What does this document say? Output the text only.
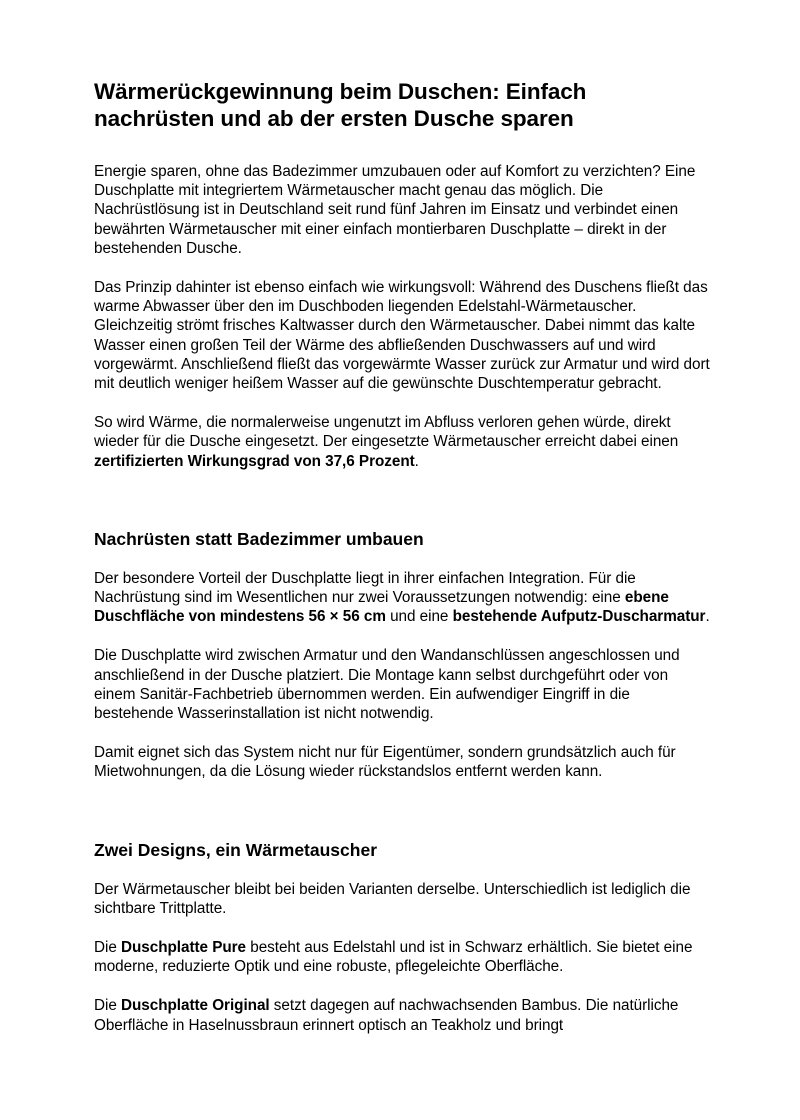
Wärmerückgewinnung beim Duschen: Einfach nachrüsten und ab der ersten Dusche sparen

Energie sparen, ohne das Badezimmer umzubauen oder auf Komfort zu verzichten? Eine Duschplatte mit integriertem Wärmetauscher macht genau das möglich. Die Nachrüstlösung ist in Deutschland seit rund fünf Jahren im Einsatz und verbindet einen bewährten Wärmetauscher mit einer einfach montierbaren Duschplatte – direkt in der bestehenden Dusche.

Das Prinzip dahinter ist ebenso einfach wie wirkungsvoll: Während des Duschens fließt das warme Abwasser über den im Duschboden liegenden Edelstahl-Wärmetauscher. Gleichzeitig strömt frisches Kaltwasser durch den Wärmetauscher. Dabei nimmt das kalte Wasser einen großen Teil der Wärme des abfließenden Duschwassers auf und wird vorgewärmt. Anschließend fließt das vorgewärmte Wasser zurück zur Armatur und wird dort mit deutlich weniger heißem Wasser auf die gewünschte Duschtemperatur gebracht.

So wird Wärme, die normalerweise ungenutzt im Abfluss verloren gehen würde, direkt wieder für die Dusche eingesetzt. Der eingesetzte Wärmetauscher erreicht dabei einen zertifizierten Wirkungsgrad von 37,6 Prozent.

Nachrüsten statt Badezimmer umbauen

Der besondere Vorteil der Duschplatte liegt in ihrer einfachen Integration. Für die Nachrüstung sind im Wesentlichen nur zwei Voraussetzungen notwendig: eine ebene Duschfläche von mindestens 56 × 56 cm und eine bestehende Aufputz-Duscharmatur.

Die Duschplatte wird zwischen Armatur und den Wandanschlüssen angeschlossen und anschließend in der Dusche platziert. Die Montage kann selbst durchgeführt oder von einem Sanitär-Fachbetrieb übernommen werden. Ein aufwendiger Eingriff in die bestehende Wasserinstallation ist nicht notwendig.

Damit eignet sich das System nicht nur für Eigentümer, sondern grundsätzlich auch für Mietwohnungen, da die Lösung wieder rückstandslos entfernt werden kann.

Zwei Designs, ein Wärmetauscher

Der Wärmetauscher bleibt bei beiden Varianten derselbe. Unterschiedlich ist lediglich die sichtbare Trittplatte.

Die Duschplatte Pure besteht aus Edelstahl und ist in Schwarz erhältlich. Sie bietet eine moderne, reduzierte Optik und eine robuste, pflegeleichte Oberfläche.

Die Duschplatte Original setzt dagegen auf nachwachsenden Bambus. Die natürliche Oberfläche in Haselnussbraun erinnert optisch an Teakholz und bringt
